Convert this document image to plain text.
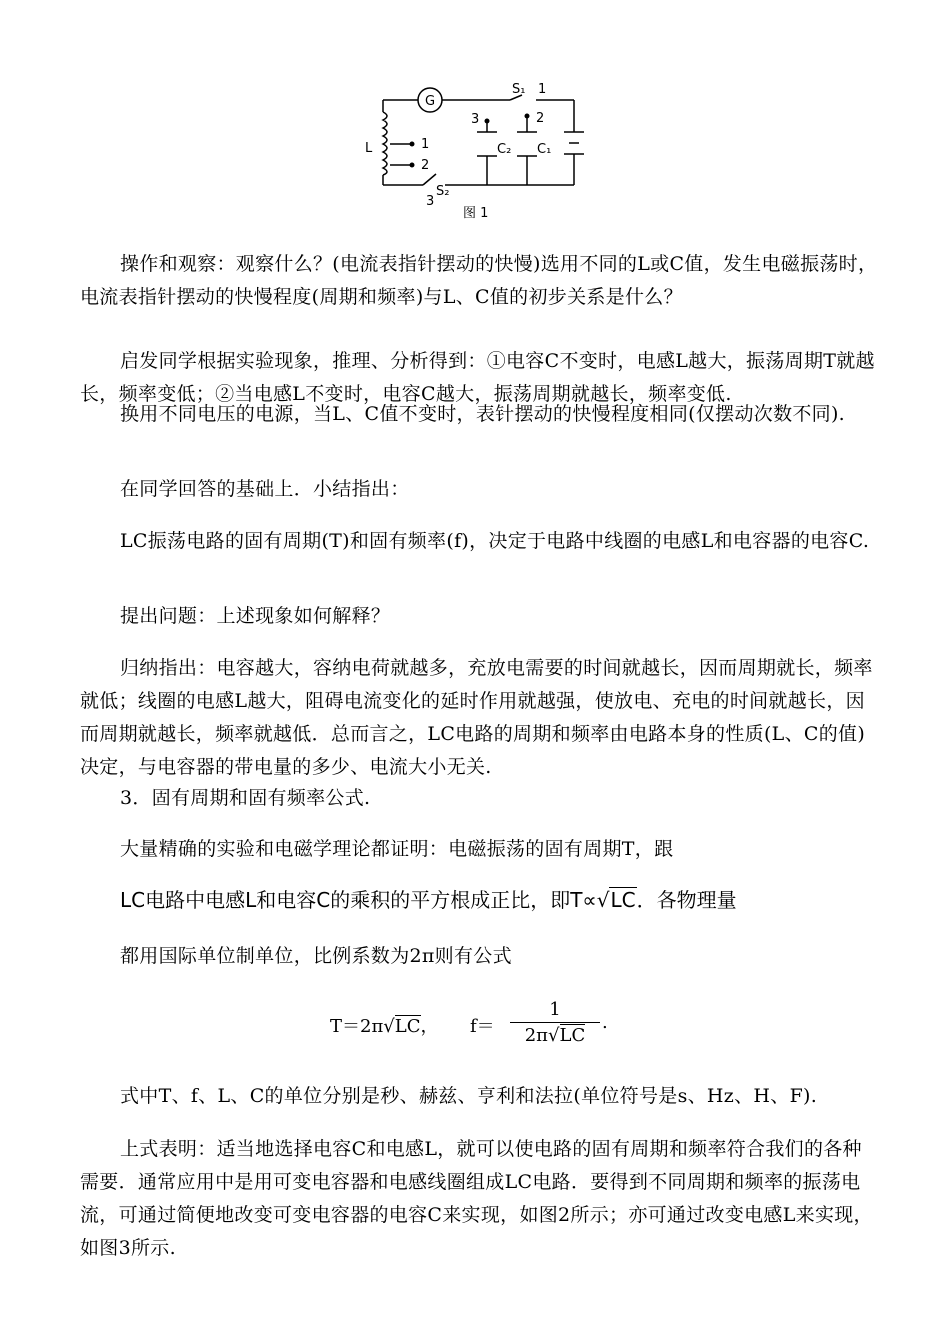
G
L
S₁ 1
3	2
C₂ C₁
1
2
S₂
3
图 1

操作和观察：观察什么？(电流表指针摆动的快慢)选用不同的L或C值，发生电磁振荡时，电流表指针摆动的快慢程度(周期和频率)与L、C值的初步关系是什么？

启发同学根据实验现象，推理、分析得到：①电容C不变时，电感L越大，振荡周期T就越长，频率变低；②当电感L不变时，电容C越大，振荡周期就越长，频率变低.

换用不同电压的电源，当L、C值不变时，表针摆动的快慢程度相同(仅摆动次数不同).

在同学回答的基础上．小结指出：

LC振荡电路的固有周期(T)和固有频率(f)，决定于电路中线圈的电感L和电容器的电容C.

提出问题：上述现象如何解释？

归纳指出：电容越大，容纳电荷就越多，充放电需要的时间就越长，因而周期就长，频率就低；线圈的电感L越大，阻碍电流变化的延时作用就越强，使放电、充电的时间就越长，因而周期就越长，频率就越低．总而言之，LC电路的周期和频率由电路本身的性质(L、C的值)决定，与电容器的带电量的多少、电流大小无关.

3．固有周期和固有频率公式.

大量精确的实验和电磁学理论都证明：电磁振荡的固有周期T，跟

LC电路中电感L和电容C的乘积的平方根成正比，即T∝√LC．各物理量

都用国际单位制单位，比例系数为2π则有公式

T＝2π√LC， f＝
1
2π√LC
.

式中T、f、L、C的单位分别是秒、赫兹、亨利和法拉(单位符号是s、Hz、H、F).

上式表明：适当地选择电容C和电感L，就可以使电路的固有周期和频率符合我们的各种需要．通常应用中是用可变电容器和电感线圈组成LC电路．要得到不同周期和频率的振荡电流，可通过简便地改变可变电容器的电容C来实现，如图2所示；亦可通过改变电感L来实现，如图3所示.
